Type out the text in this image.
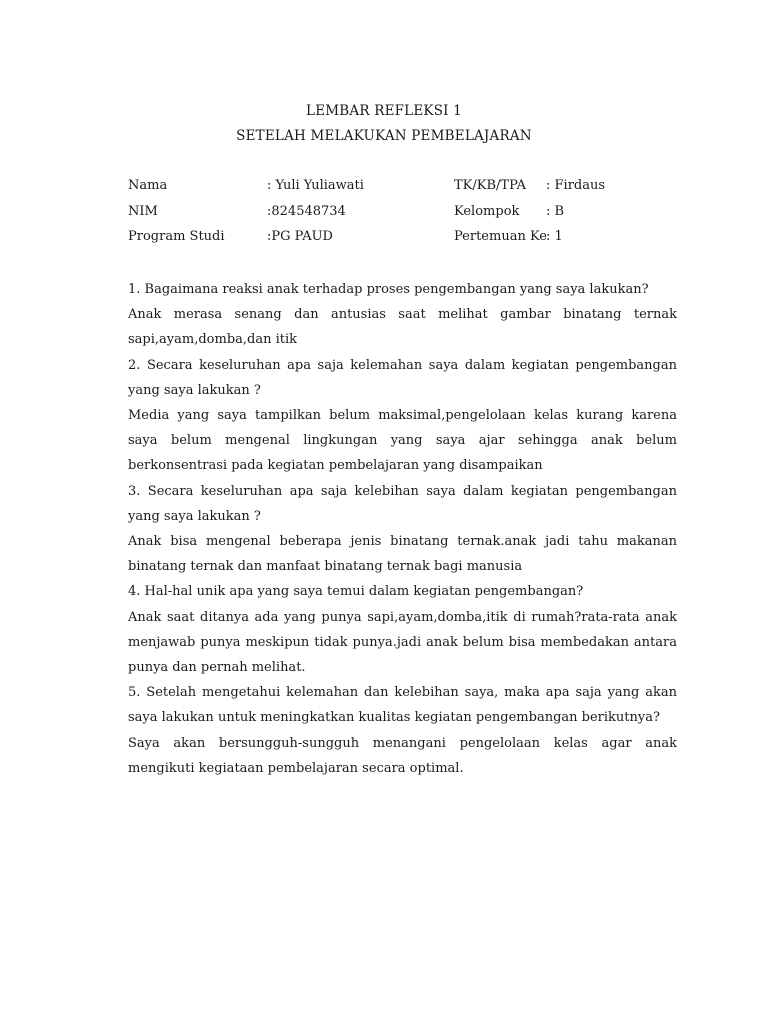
LEMBAR REFLEKSI 1
SETELAH MELAKUKAN PEMBELAJARAN
Nama	: Yuli Yuliawati	TK/KB/TPA : Firdaus
NIM	:824548734	Kelompok : B
Program Studi	:PG PAUD	Pertemuan Ke : 1

1. Bagaimana reaksi anak terhadap proses pengembangan yang saya lakukan?

Anak merasa senang dan antusias saat melihat gambar binatang ternak sapi,ayam,domba,dan itik

2. Secara keseluruhan apa saja kelemahan saya dalam kegiatan pengembangan yang saya lakukan ?

Media yang saya tampilkan belum maksimal,pengelolaan kelas kurang karena saya belum mengenal lingkungan yang saya ajar sehingga anak belum berkonsentrasi pada kegiatan pembelajaran yang disampaikan

3. Secara keseluruhan apa saja kelebihan saya dalam kegiatan pengembangan yang saya lakukan ?

Anak bisa mengenal beberapa jenis binatang ternak.anak jadi tahu makanan binatang ternak dan manfaat binatang ternak bagi manusia

4. Hal-hal unik apa yang saya temui dalam kegiatan pengembangan?

Anak saat ditanya ada yang punya sapi,ayam,domba,itik di rumah?rata-rata anak menjawab punya meskipun tidak punya.jadi anak belum bisa membedakan antara punya dan pernah melihat.

5. Setelah mengetahui kelemahan dan kelebihan saya, maka apa saja yang akan saya lakukan untuk meningkatkan kualitas kegiatan pengembangan berikutnya?

Saya akan bersungguh-sungguh menangani pengelolaan kelas agar anak mengikuti kegiataan pembelajaran secara optimal.
